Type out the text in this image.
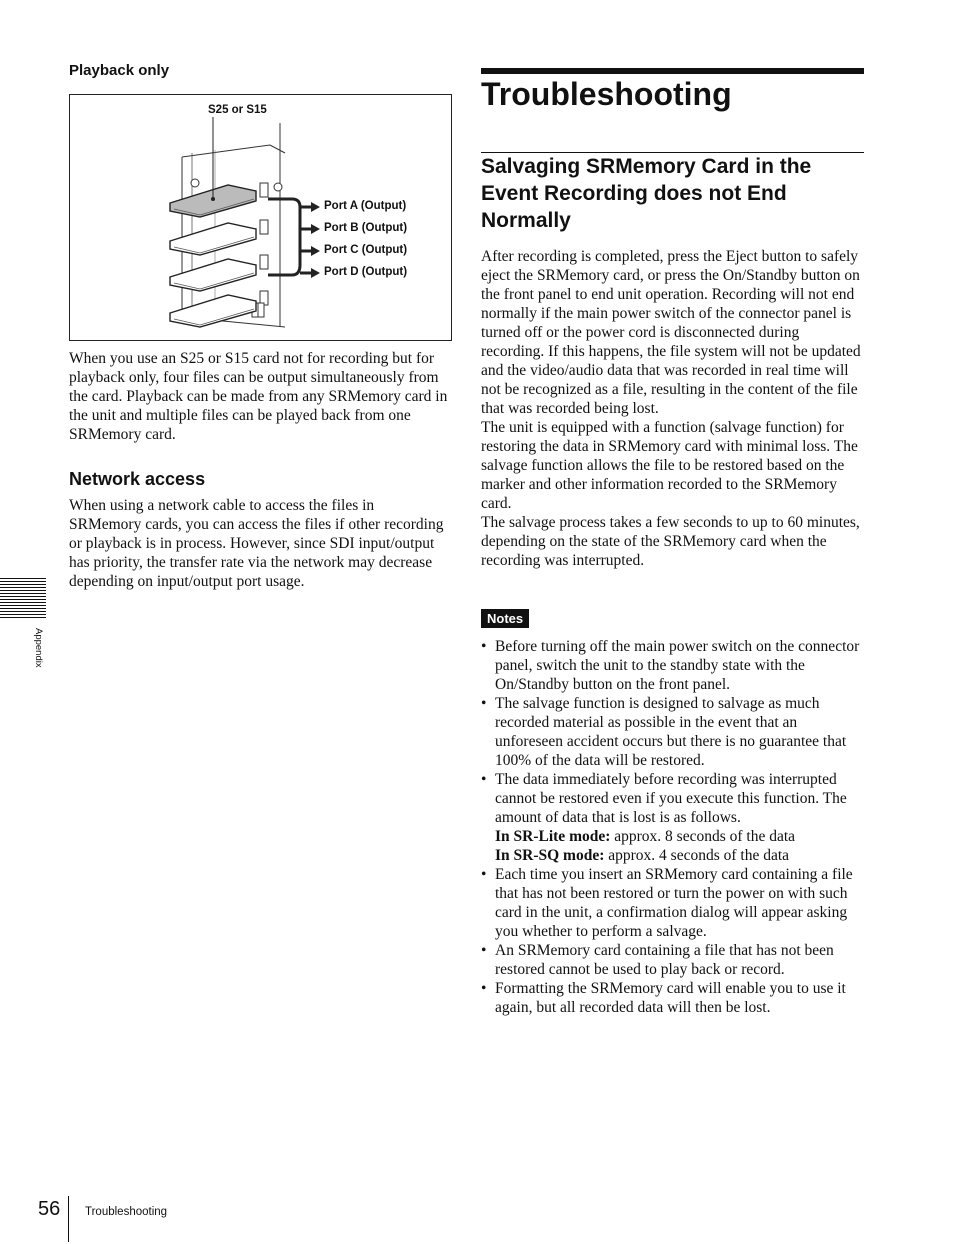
Playback only
S25 or S15
Port A (Output)
Port B (Output)
Port C (Output)
Port D (Output)

When you use an S25 or S15 card not for recording but for playback only, four files can be output simultaneously from the card. Playback can be made from any SRMemory card in the unit and multiple files can be played back from one SRMemory card.

Network access

When using a network cable to access the files in SRMemory cards, you can access the files if other recording or playback is in process. However, since SDI input/output has priority, the transfer rate via the network may decrease depending on input/output port usage.

Troubleshooting
Salvaging SRMemory Card in the Event Recording does not End Normally

After recording is completed, press the Eject button to safely eject the SRMemory card, or press the On/Standby button on the front panel to end unit operation. Recording will not end normally if the main power switch of the connector panel is turned off or the power cord is disconnected during recording. If this happens, the file system will not be updated and the video/audio data that was recorded in real time will not be recognized as a file, resulting in the content of the file that was recorded being lost.

The unit is equipped with a function (salvage function) for restoring the data in SRMemory card with minimal loss. The salvage function allows the file to be restored based on the marker and other information recorded to the SRMemory card.

The salvage process takes a few seconds to up to 60 minutes, depending on the state of the SRMemory card when the recording was interrupted.

Notes
• Before turning off the main power switch on the connector panel, switch the unit to the standby state with the On/Standby button on the front panel.
• The salvage function is designed to salvage as much recorded material as possible in the event that an unforeseen accident occurs but there is no guarantee that 100% of the data will be restored.
• The data immediately before recording was interrupted cannot be restored even if you execute this function. The amount of data that is lost is as follows.
In SR-Lite mode: approx. 8 seconds of the data
In SR-SQ mode: approx. 4 seconds of the data
• Each time you insert an SRMemory card containing a file that has not been restored or turn the power on with such card in the unit, a confirmation dialog will appear asking you whether to perform a salvage.
• An SRMemory card containing a file that has not been restored cannot be used to play back or record.
• Formatting the SRMemory card will enable you to use it again, but all recorded data will then be lost.
Appendix
56 Troubleshooting
